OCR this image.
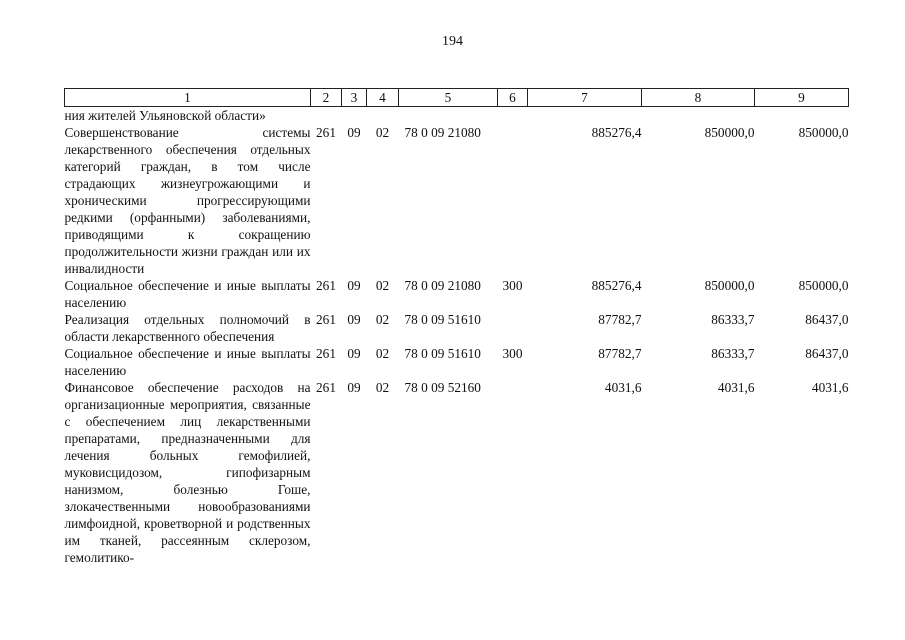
194
1	2	3	4	5	6	7	8	9
ния жителей Ульяновской области»								
Совершенствование системы лекарственного обеспечения отдельных категорий граждан, в том числе страдающих жизнеугрожающими и хроническими прогрессирующими редкими (орфанными) заболеваниями, приводящими к сокращению продолжительности жизни граждан или их инвалидности	261	09	02	78 0 09 21080		885276,4	850000,0	850000,0
Социальное обеспечение и иные выплаты населению	261	09	02	78 0 09 21080	300	885276,4	850000,0	850000,0
Реализация отдельных полномочий в области лекарственного обеспечения	261	09	02	78 0 09 51610		87782,7	86333,7	86437,0
Социальное обеспечение и иные выплаты населению	261	09	02	78 0 09 51610	300	87782,7	86333,7	86437,0
Финансовое обеспечение расходов на организационные мероприятия, связанные с обеспечением лиц лекарственными препаратами, предназначенными для лечения больных гемофилией, муковисцидозом, гипофизарным нанизмом, болезнью Гоше, злокачественными новообразованиями лимфоидной, кроветворной и родственных им тканей, рассеянным склерозом, гемолитико-	261	09	02	78 0 09 52160		4031,6	4031,6	4031,6
